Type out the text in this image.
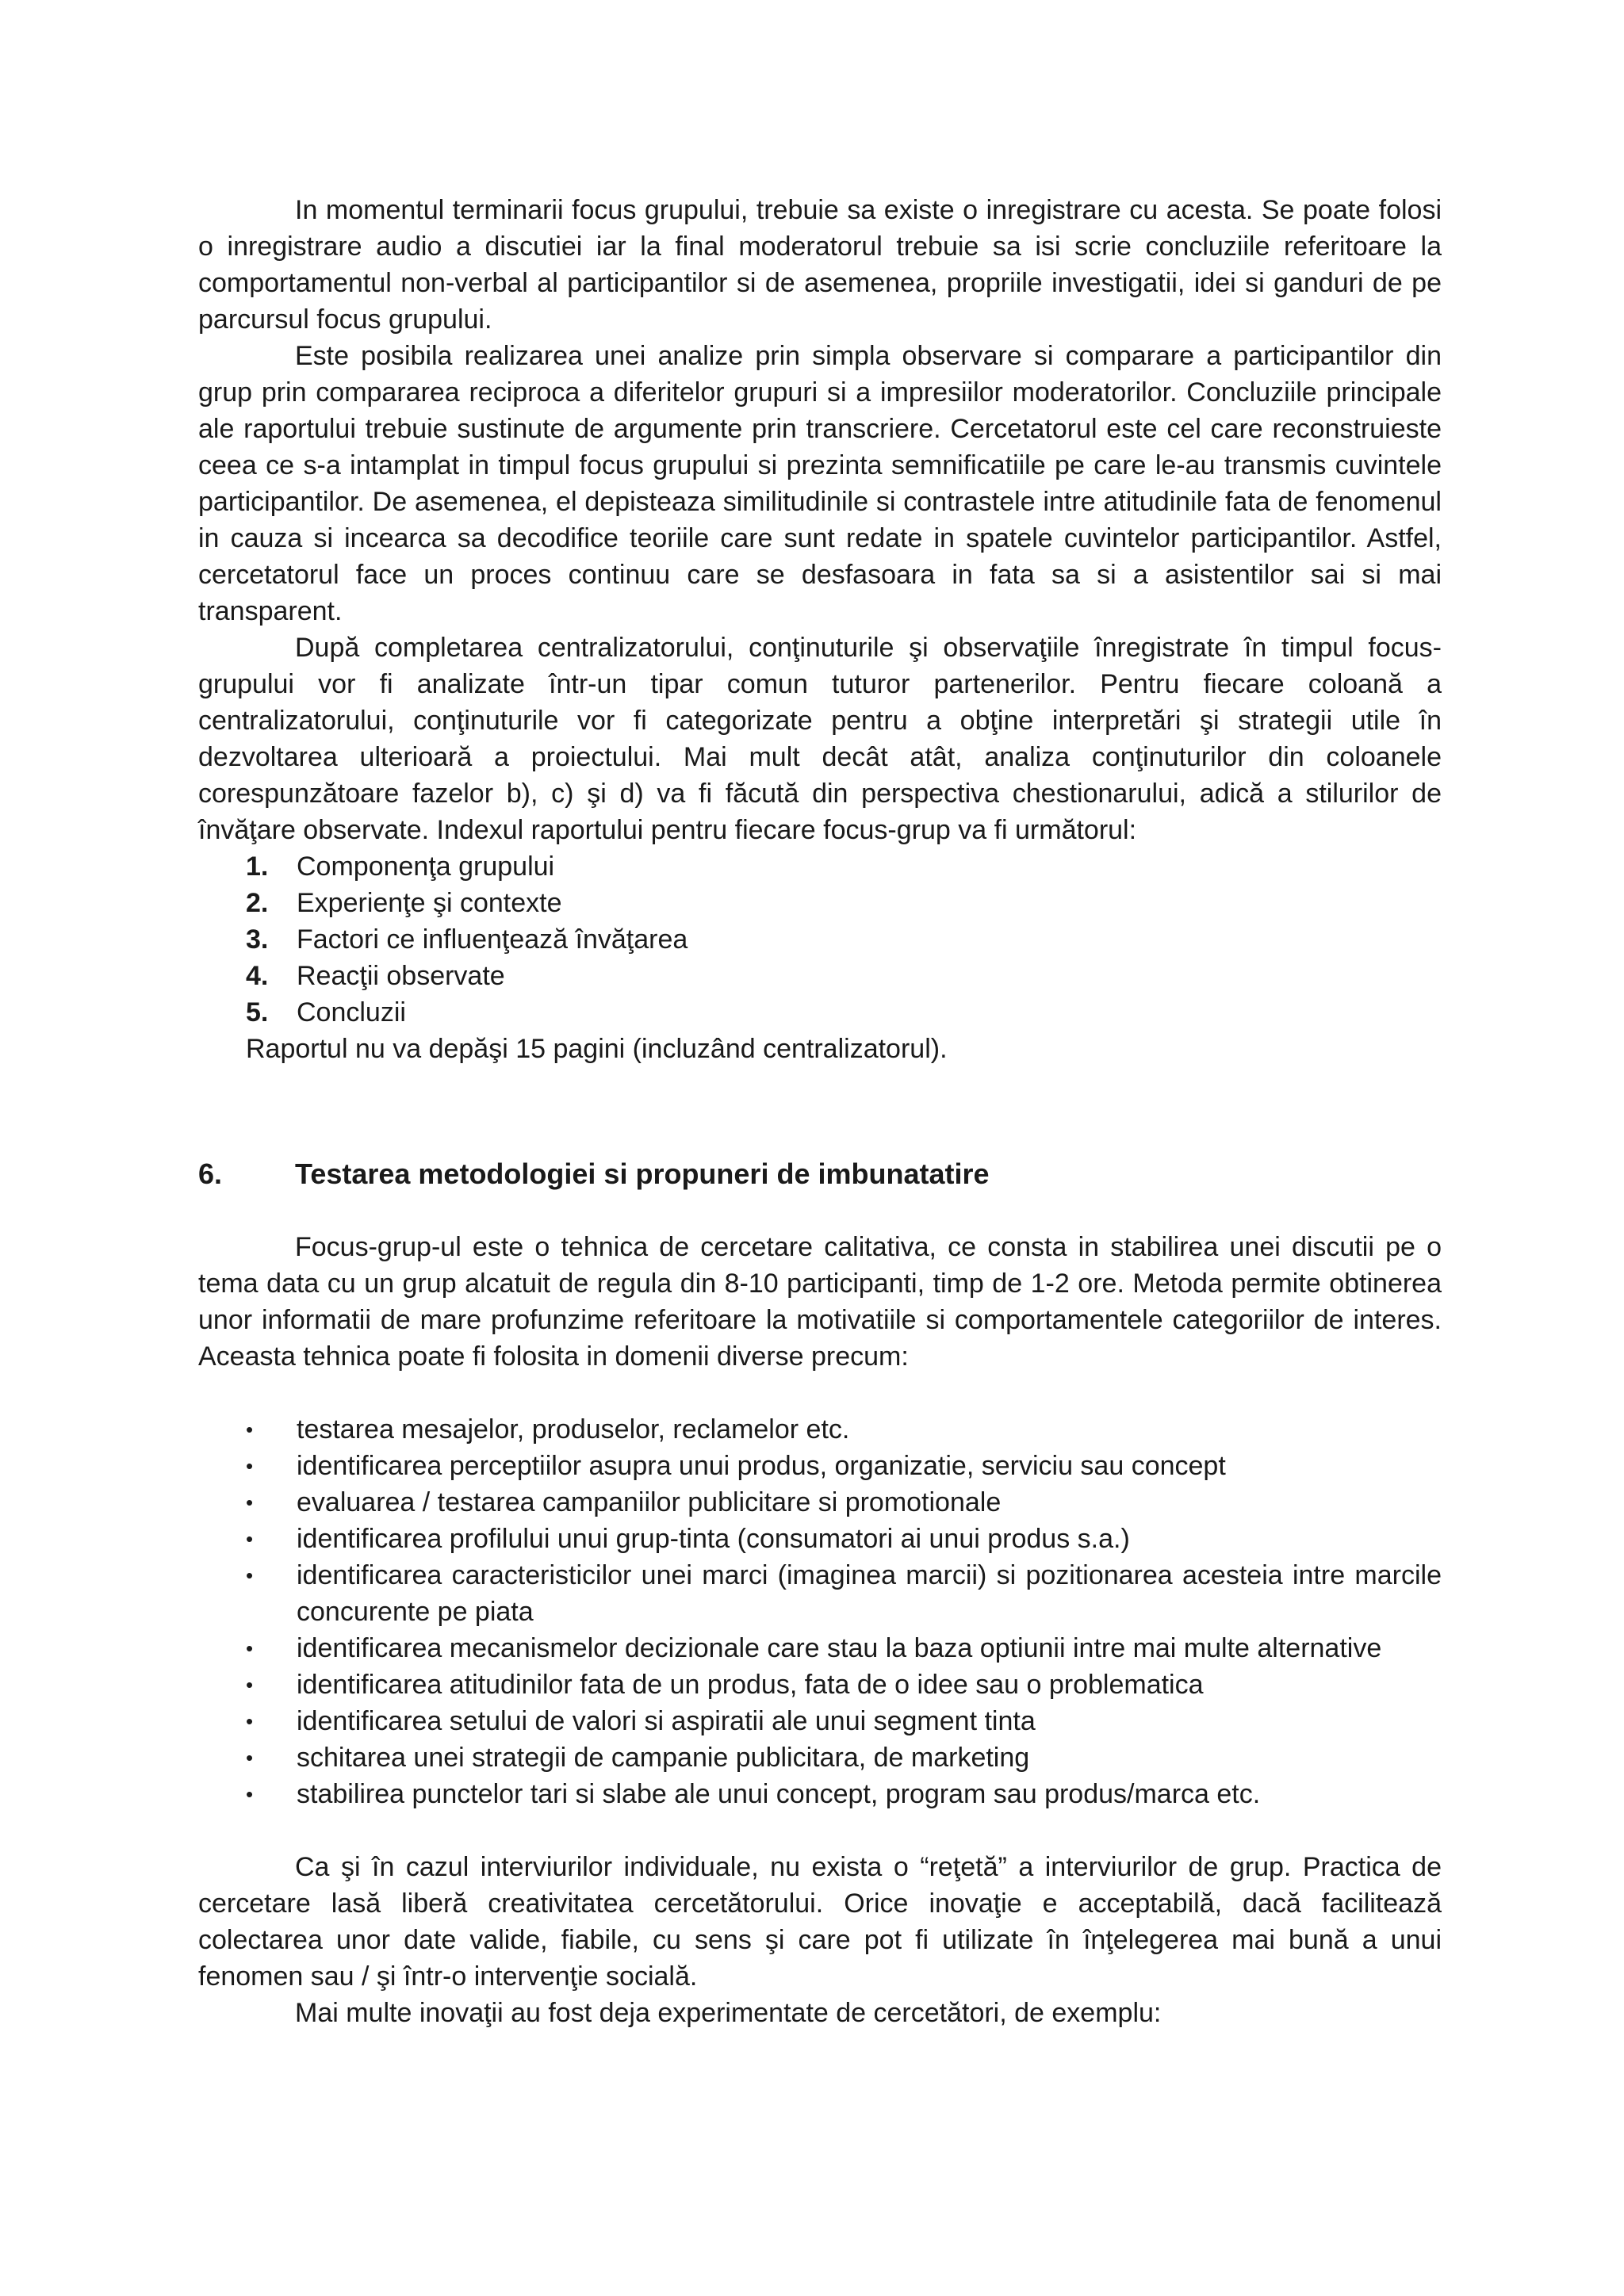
In momentul terminarii focus grupului, trebuie sa existe o inregistrare cu acesta. Se poate folosi o inregistrare audio a discutiei iar la final moderatorul trebuie sa isi scrie concluziile referitoare la comportamentul non-verbal al participantilor si de asemenea, propriile investigatii, idei si ganduri de pe parcursul focus grupului.

Este posibila realizarea unei analize prin simpla observare si comparare a participantilor din grup prin compararea reciproca a diferitelor grupuri si a impresiilor moderatorilor. Concluziile principale ale raportului trebuie sustinute de argumente prin transcriere. Cercetatorul este cel care reconstruieste ceea ce s-a intamplat in timpul focus grupului si prezinta semnificatiile pe care le-au transmis cuvintele participantilor. De asemenea, el depisteaza similitudinile si contrastele intre atitudinile fata de fenomenul in cauza si incearca sa decodifice teoriile care sunt redate in spatele cuvintelor participantilor. Astfel, cercetatorul face un proces continuu care se desfasoara in fata sa si a asistentilor sai si mai transparent.

După completarea centralizatorului, conţinuturile şi observaţiile înregistrate în timpul focus-grupului vor fi analizate într-un tipar comun tuturor partenerilor. Pentru fiecare coloană a centralizatorului, conţinuturile vor fi categorizate pentru a obţine interpretări şi strategii utile în dezvoltarea ulterioară a proiectului. Mai mult decât atât, analiza conţinuturilor din coloanele corespunzătoare fazelor b), c) şi d) va fi făcută din perspectiva chestionarului, adică a stilurilor de învăţare observate. Indexul raportului pentru fiecare focus-grup va fi următorul:

1.	Componenţa grupului
2.	Experienţe şi contexte
3.	Factori ce influenţează învăţarea
4.	Reacţii observate
5.	Concluzii

Raportul nu va depăşi 15 pagini (incluzând centralizatorul).

6.	Testarea metodologiei si propuneri de imbunatatire

Focus-grup-ul este o tehnica de cercetare calitativa, ce consta in stabilirea unei discutii pe o tema data cu un grup alcatuit de regula din 8-10 participanti, timp de 1-2 ore. Metoda permite obtinerea unor informatii de mare profunzime referitoare la motivatiile si comportamentele categoriilor de interes. Aceasta tehnica poate fi folosita in domenii diverse precum:

•	testarea mesajelor, produselor, reclamelor etc.
•	identificarea perceptiilor asupra unui produs, organizatie, serviciu sau concept
•	evaluarea / testarea campaniilor publicitare si promotionale
•	identificarea profilului unui grup-tinta (consumatori ai unui produs s.a.)
•	identificarea caracteristicilor unei marci (imaginea marcii) si pozitionarea acesteia intre marcile concurente pe piata
•	identificarea mecanismelor decizionale care stau la baza optiunii intre mai multe alternative
•	identificarea atitudinilor fata de un produs, fata de o idee sau o problematica
•	identificarea setului de valori si aspiratii ale unui segment tinta
•	schitarea unei strategii de campanie publicitara, de marketing
•	stabilirea punctelor tari si slabe ale unui concept, program sau produs/marca etc.

Ca şi în cazul interviurilor individuale, nu exista o “reţetă” a interviurilor de grup. Practica de cercetare lasă liberă creativitatea cercetătorului. Orice inovaţie e acceptabilă, dacă facilitează colectarea unor date valide, fiabile, cu sens şi care pot fi utilizate în înţelegerea mai bună a unui fenomen sau / şi într-o intervenţie socială.

Mai multe inovaţii au fost deja experimentate de cercetători, de exemplu:
